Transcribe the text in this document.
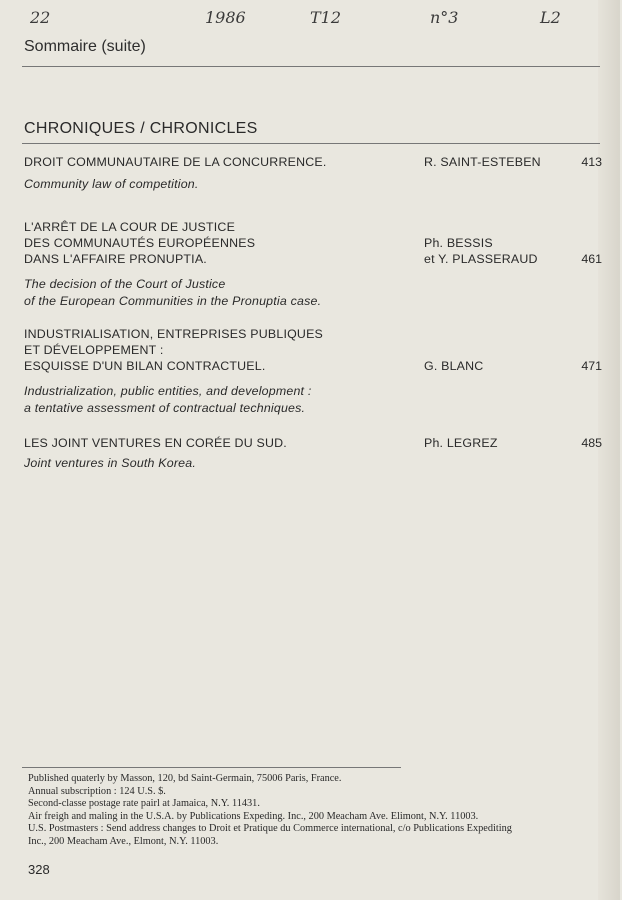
22	1986	T12	n°3	L2
Sommaire (suite)
CHRONIQUES / CHRONICLES
DROIT COMMUNAUTAIRE DE LA CONCURRENCE.
Community law of competition.
R. SAINT-ESTEBEN	413
L'ARRÊT DE LA COUR DE JUSTICE
DES COMMUNAUTÉS EUROPÉENNES
DANS L'AFFAIRE PRONUPTIA.
The decision of the Court of Justice
of the European Communities in the Pronuptia case.
Ph. BESSIS
et Y. PLASSERAUD	461
INDUSTRIALISATION, ENTREPRISES PUBLIQUES
ET DÉVELOPPEMENT :
ESQUISSE D'UN BILAN CONTRACTUEL.
Industrialization, public entities, and development :
a tentative assessment of contractual techniques.
G. BLANC	471
LES JOINT VENTURES EN CORÉE DU SUD.
Joint ventures in South Korea.
Ph. LEGREZ	485
Published quaterly by Masson, 120, bd Saint-Germain, 75006 Paris, France.
Annual subscription : 124 U.S. $.
Second-classe postage rate pairl at Jamaica, N.Y. 11431.
Air freigh and maling in the U.S.A. by Publications Expeding. Inc., 200 Meacham Ave. Elimont, N.Y. 11003.
U.S. Postmasters : Send address changes to Droit et Pratique du Commerce international, c/o Publications Expediting
Inc., 200 Meacham Ave., Elmont, N.Y. 11003.
328
